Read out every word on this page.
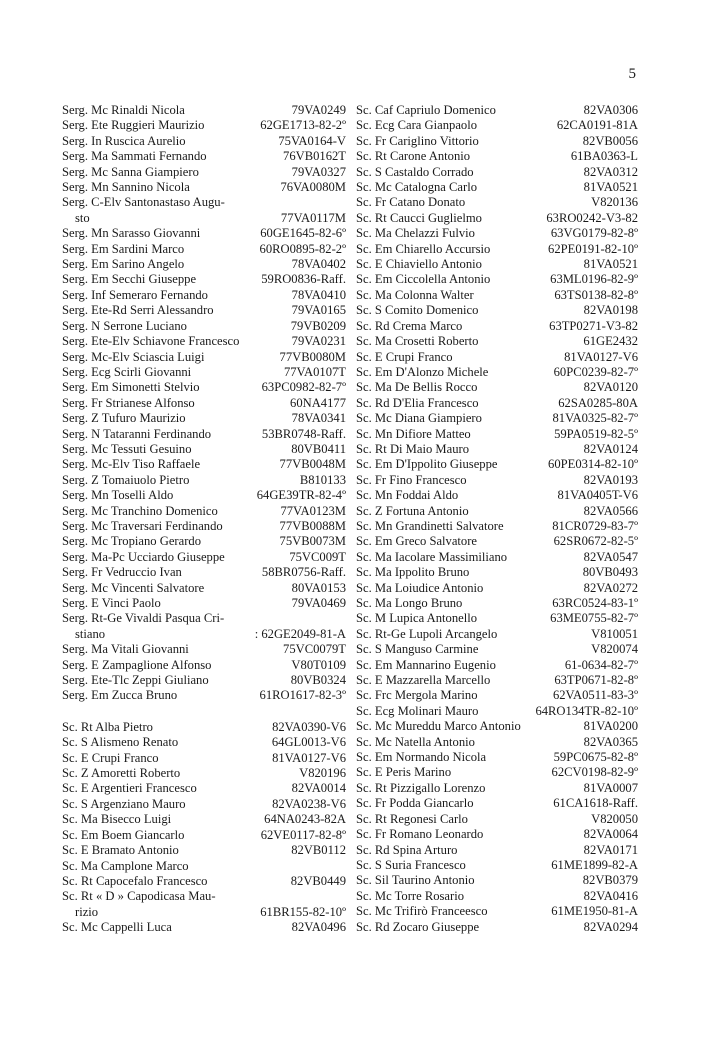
5
Serg. Mc Rinaldi Nicola	79VA0249
Serg. Ete Ruggieri Maurizio	62GE1713-82-2º
Serg. In Ruscica Aurelio	75VA0164-V
Serg. Ma Sammati Fernando	76VB0162T
Serg. Mc Sanna Giampiero	79VA0327
Serg. Mn Sannino Nicola	76VA0080M
Serg. C-Elv Santonastaso Augu-
sto	77VA0117M
Serg. Mn Sarasso Giovanni	60GE1645-82-6º
Serg. Em Sardini Marco	60RO0895-82-2º
Serg. Em Sarino Angelo	78VA0402
Serg. Em Secchi Giuseppe	59RO0836-Raff.
Serg. Inf Semeraro Fernando	78VA0410
Serg. Ete-Rd Serri Alessandro	79VA0165
Serg. N Serrone Luciano	79VB0209
Serg. Ete-Elv Schiavone Francesco	79VA0231
Serg. Mc-Elv Sciascia Luigi	77VB0080M
Serg. Ecg Scirli Giovanni	77VA0107T
Serg. Em Simonetti Stelvio	63PC0982-82-7º
Serg. Fr Strianese Alfonso	60NA4177
Serg. Z Tufuro Maurizio	78VA0341
Serg. N Tataranni Ferdinando	53BR0748-Raff.
Serg. Mc Tessuti Gesuino	80VB0411
Serg. Mc-Elv Tiso Raffaele	77VB0048M
Serg. Z Tomaiuolo Pietro	B810133
Serg. Mn Toselli Aldo	64GE39TR-82-4º
Serg. Mc Tranchino Domenico	77VA0123M
Serg. Mc Traversari Ferdinando	77VB0088M
Serg. Mc Tropiano Gerardo	75VB0073M
Serg. Ma-Pc Ucciardo Giuseppe	75VC009T
Serg. Fr Vedruccio Ivan	58BR0756-Raff.
Serg. Mc Vincenti Salvatore	80VA0153
Serg. E Vinci Paolo	79VA0469
Serg. Rt-Ge Vivaldi Pasqua Cri-
stiano	: 62GE2049-81-A
Serg. Ma Vitali Giovanni	75VC0079T
Serg. E Zampaglione Alfonso	V80T0109
Serg. Ete-Tlc Zeppi Giuliano	80VB0324
Serg. Em Zucca Bruno	61RO1617-82-3º
Sc. Rt Alba Pietro	82VA0390-V6
Sc. S Alismeno Renato	64GL0013-V6
Sc. E Crupi Franco	81VA0127-V6
Sc. Z Amoretti Roberto	V820196
Sc. E Argentieri Francesco	82VA0014
Sc. S Argenziano Mauro	82VA0238-V6
Sc. Ma Bisecco Luigi	64NA0243-82A
Sc. Em Boem Giancarlo	62VE0117-82-8º
Sc. E Bramato Antonio	82VB0112
Sc. Ma Camplone Marco
Sc. Rt Capocefalo Francesco	82VB0449
Sc. Rt « D » Capodicasa Mau-
rizio	61BR155-82-10º
Sc. Mc Cappelli Luca	82VA0496
Sc. Caf Capriulo Domenico	82VA0306
Sc. Ecg Cara Gianpaolo	62CA0191-81A
Sc. Fr Cariglino Vittorio	82VB0056
Sc. Rt Carone Antonio	61BA0363-L
Sc. S Castaldo Corrado	82VA0312
Sc. Mc Catalogna Carlo	81VA0521
Sc. Fr Catano Donato	V820136
Sc. Rt Caucci Guglielmo	63RO0242-V3-82
Sc. Ma Chelazzi Fulvio	63VG0179-82-8º
Sc. Em Chiarello Accursio	62PE0191-82-10º
Sc. E Chiaviello Antonio	81VA0521
Sc. Em Ciccolella Antonio	63ML0196-82-9º
Sc. Ma Colonna Walter	63TS0138-82-8º
Sc. S Comito Domenico	82VA0198
Sc. Rd Crema Marco	63TP0271-V3-82
Sc. Ma Crosetti Roberto	61GE2432
Sc. E Crupi Franco	81VA0127-V6
Sc. Em D'Alonzo Michele	60PC0239-82-7º
Sc. Ma De Bellis Rocco	82VA0120
Sc. Rd D'Elia Francesco	62SA0285-80A
Sc. Mc Diana Giampiero	81VA0325-82-7º
Sc. Mn Difiore Matteo	59PA0519-82-5º
Sc. Rt Di Maio Mauro	82VA0124
Sc. Em D'Ippolito Giuseppe	60PE0314-82-10º
Sc. Fr Fino Francesco	82VA0193
Sc. Mn Foddai Aldo	81VA0405T-V6
Sc. Z Fortuna Antonio	82VA0566
Sc. Mn Grandinetti Salvatore	81CR0729-83-7º
Sc. Em Greco Salvatore	62SR0672-82-5º
Sc. Ma Iacolare Massimiliano	82VA0547
Sc. Ma Ippolito Bruno	80VB0493
Sc. Ma Loiudice Antonio	82VA0272
Sc. Ma Longo Bruno	63RC0524-83-1º
Sc. M Lupica Antonello	63ME0755-82-7º
Sc. Rt-Ge Lupoli Arcangelo	V810051
Sc. S Manguso Carmine	V820074
Sc. Em Mannarino Eugenio	61-0634-82-7º
Sc. E Mazzarella Marcello	63TP0671-82-8º
Sc. Frc Mergola Marino	62VA0511-83-3º
Sc. Ecg Molinari Mauro	64RO134TR-82-10º
Sc. Mc Mureddu Marco Antonio	81VA0200
Sc. Mc Natella Antonio	82VA0365
Sc. Em Normando Nicola	59PC0675-82-8º
Sc. E Peris Marino	62CV0198-82-9º
Sc. Rt Pizzigallo Lorenzo	81VA0007
Sc. Fr Podda Giancarlo	61CA1618-Raff.
Sc. Rt Regonesi Carlo	V820050
Sc. Fr Romano Leonardo	82VA0064
Sc. Rd Spina Arturo	82VA0171
Sc. S Suria Francesco	61ME1899-82-A
Sc. Sil Taurino Antonio	82VB0379
Sc. Mc Torre Rosario	82VA0416
Sc. Mc Trifirò Franceesco	61ME1950-81-A
Sc. Rd Zocaro Giuseppe	82VA0294
